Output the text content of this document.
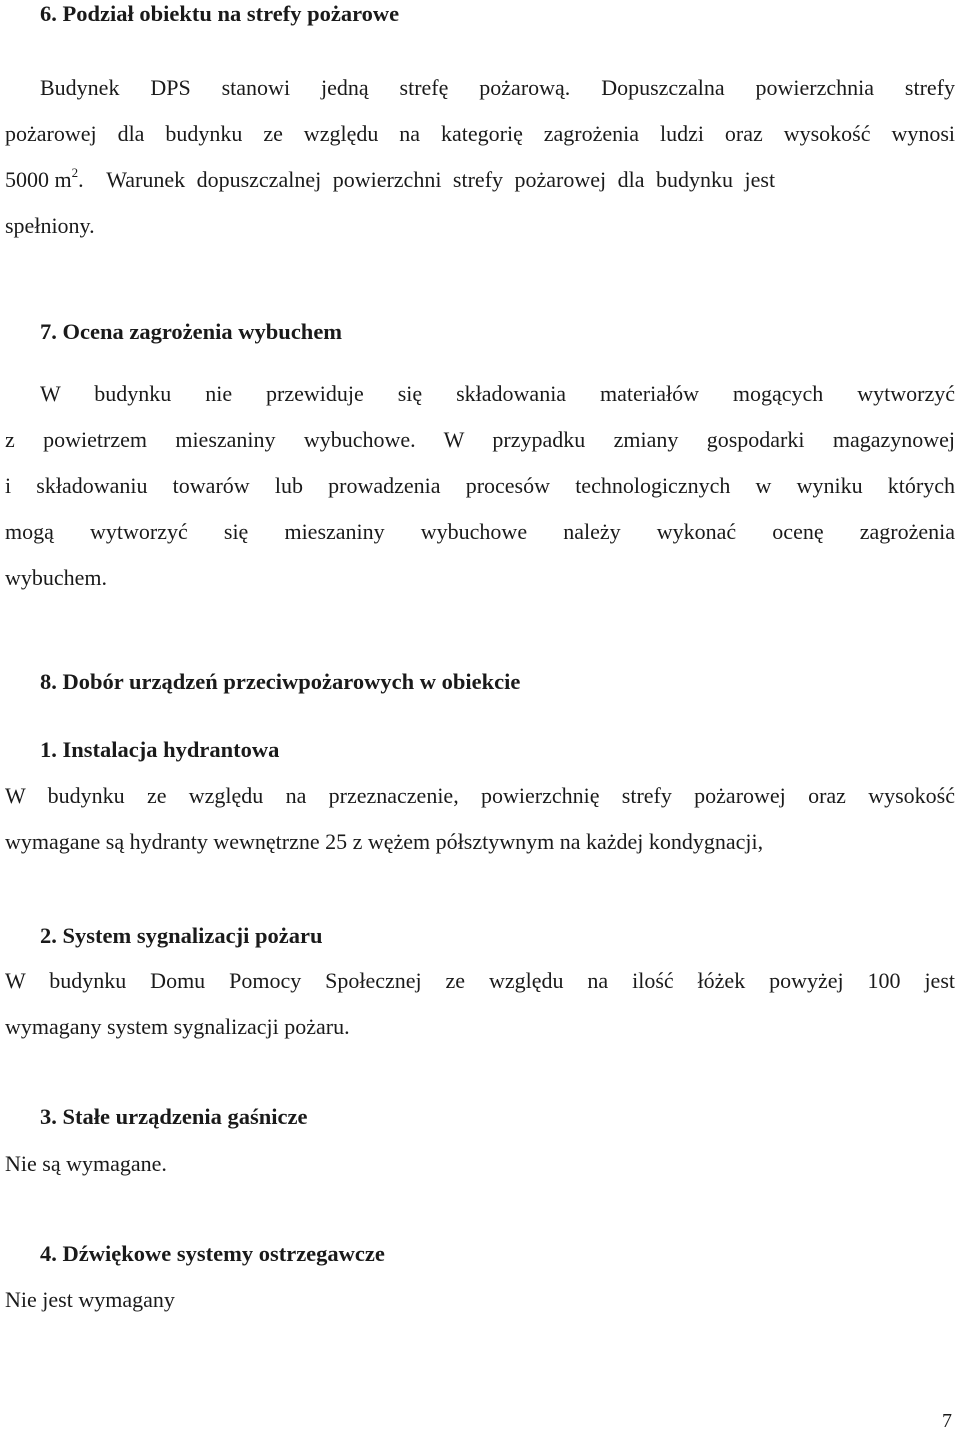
6. Podział obiektu na strefy pożarowe
Budynek DPS stanowi jedną strefę pożarową. Dopuszczalna powierzchnia strefy
pożarowej dla budynku ze względu na kategorię zagrożenia ludzi oraz wysokość wynosi
5000 $m^2$.  Warunek dopuszczalnej powierzchni strefy pożarowej dla budynku jest
spełniony.
7. Ocena zagrożenia wybuchem
W budynku nie przewiduje się składowania materiałów mogących wytworzyć
z powietrzem mieszaniny wybuchowe. W przypadku zmiany gospodarki magazynowej
i składowaniu towarów lub prowadzenia procesów technologicznych w wyniku których
mogą wytworzyć się mieszaniny wybuchowe należy wykonać ocenę zagrożenia
wybuchem.
8. Dobór urządzeń przeciwpożarowych w obiekcie
1. Instalacja hydrantowa
W budynku ze względu na przeznaczenie, powierzchnię strefy pożarowej oraz wysokość
wymagane są hydranty wewnętrzne 25 z wężem półsztywnym na każdej kondygnacji,
2. System sygnalizacji pożaru
W budynku Domu Pomocy Społecznej ze względu na ilość łóżek powyżej 100 jest
wymagany system sygnalizacji pożaru.
3. Stałe urządzenia gaśnicze
Nie są wymagane.
4. Dźwiękowe systemy ostrzegawcze
Nie jest wymagany
7
